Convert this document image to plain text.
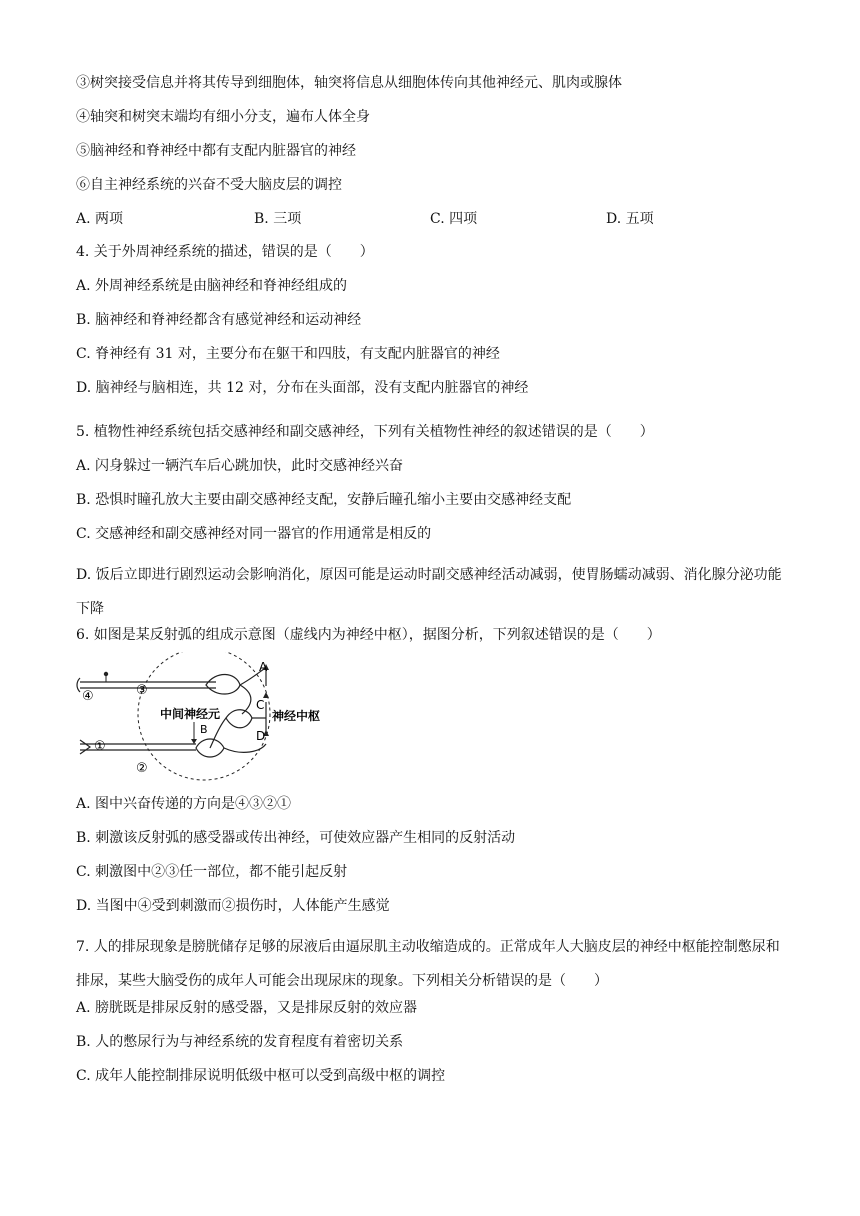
③树突接受信息并将其传导到细胞体，轴突将信息从细胞体传向其他神经元、肌肉或腺体
④轴突和树突末端均有细小分支，遍布人体全身
⑤脑神经和脊神经中都有支配内脏器官的神经
⑥自主神经系统的兴奋不受大脑皮层的调控
A. 两项	B. 三项	C. 四项	D. 五项
4. 关于外周神经系统的描述，错误的是（　　）
A. 外周神经系统是由脑神经和脊神经组成的
B. 脑神经和脊神经都含有感觉神经和运动神经
C. 脊神经有 31 对，主要分布在躯干和四肢，有支配内脏器官的神经
D. 脑神经与脑相连，共 12 对，分布在头面部，没有支配内脏器官的神经
5. 植物性神经系统包括交感神经和副交感神经，下列有关植物性神经的叙述错误的是（　　）
A. 闪身躲过一辆汽车后心跳加快，此时交感神经兴奋
B. 恐惧时瞳孔放大主要由副交感神经支配，安静后瞳孔缩小主要由交感神经支配
C. 交感神经和副交感神经对同一器官的作用通常是相反的
D. 饭后立即进行剧烈运动会影响消化，原因可能是运动时副交感神经活动减弱，使胃肠蠕动减弱、消化腺分泌功能下降
6. 如图是某反射弧的组成示意图（虚线内为神经中枢），据图分析，下列叙述错误的是（　　）
A
B
C
D
①
②
③
④
中间神经元	神经中枢
A. 图中兴奋传递的方向是④③②①
B. 刺激该反射弧的感受器或传出神经，可使效应器产生相同的反射活动
C. 刺激图中②③任一部位，都不能引起反射
D. 当图中④受到刺激而②损伤时，人体能产生感觉
7. 人的排尿现象是膀胱储存足够的尿液后由逼尿肌主动收缩造成的。正常成年人大脑皮层的神经中枢能控制憋尿和排尿，某些大脑受伤的成年人可能会出现尿床的现象。下列相关分析错误的是（　　）
A. 膀胱既是排尿反射的感受器，又是排尿反射的效应器
B. 人的憋尿行为与神经系统的发育程度有着密切关系
C. 成年人能控制排尿说明低级中枢可以受到高级中枢的调控
